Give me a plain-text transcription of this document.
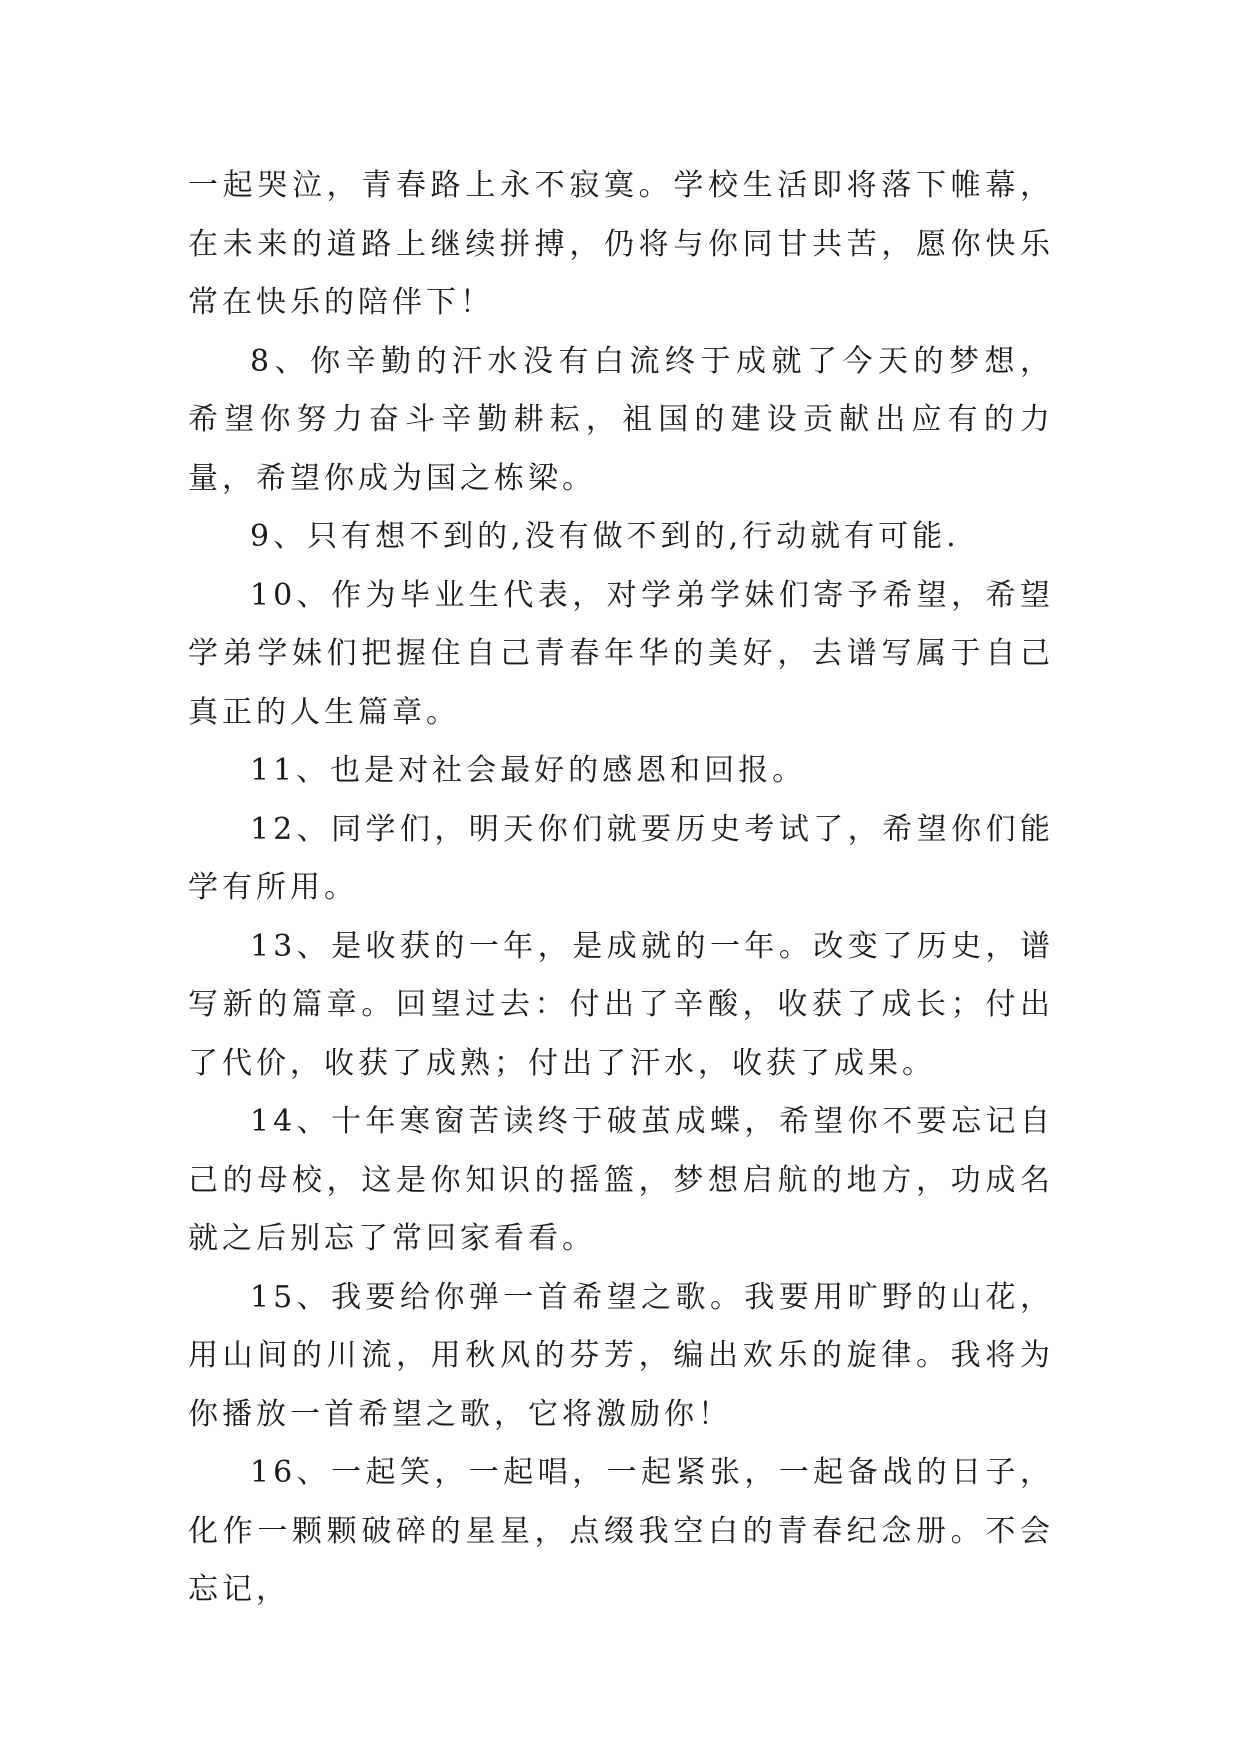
一起哭泣，青春路上永不寂寞。学校生活即将落下帷幕，在未来的道路上继续拼搏，仍将与你同甘共苦，愿你快乐常在快乐的陪伴下！

8、你辛勤的汗水没有白流终于成就了今天的梦想，希望你努力奋斗辛勤耕耘，祖国的建设贡献出应有的力量，希望你成为国之栋梁。

9、只有想不到的,没有做不到的,行动就有可能.

10、作为毕业生代表，对学弟学妹们寄予希望，希望学弟学妹们把握住自己青春年华的美好，去谱写属于自己真正的人生篇章。

11、也是对社会最好的感恩和回报。

12、同学们，明天你们就要历史考试了，希望你们能学有所用。

13、是收获的一年，是成就的一年。改变了历史，谱写新的篇章。回望过去：付出了辛酸，收获了成长；付出了代价，收获了成熟；付出了汗水，收获了成果。

14、十年寒窗苦读终于破茧成蝶，希望你不要忘记自己的母校，这是你知识的摇篮，梦想启航的地方，功成名就之后别忘了常回家看看。

15、我要给你弹一首希望之歌。我要用旷野的山花，用山间的川流，用秋风的芬芳，编出欢乐的旋律。我将为你播放一首希望之歌，它将激励你！

16、一起笑，一起唱，一起紧张，一起备战的日子，化作一颗颗破碎的星星，点缀我空白的青春纪念册。不会忘记，
